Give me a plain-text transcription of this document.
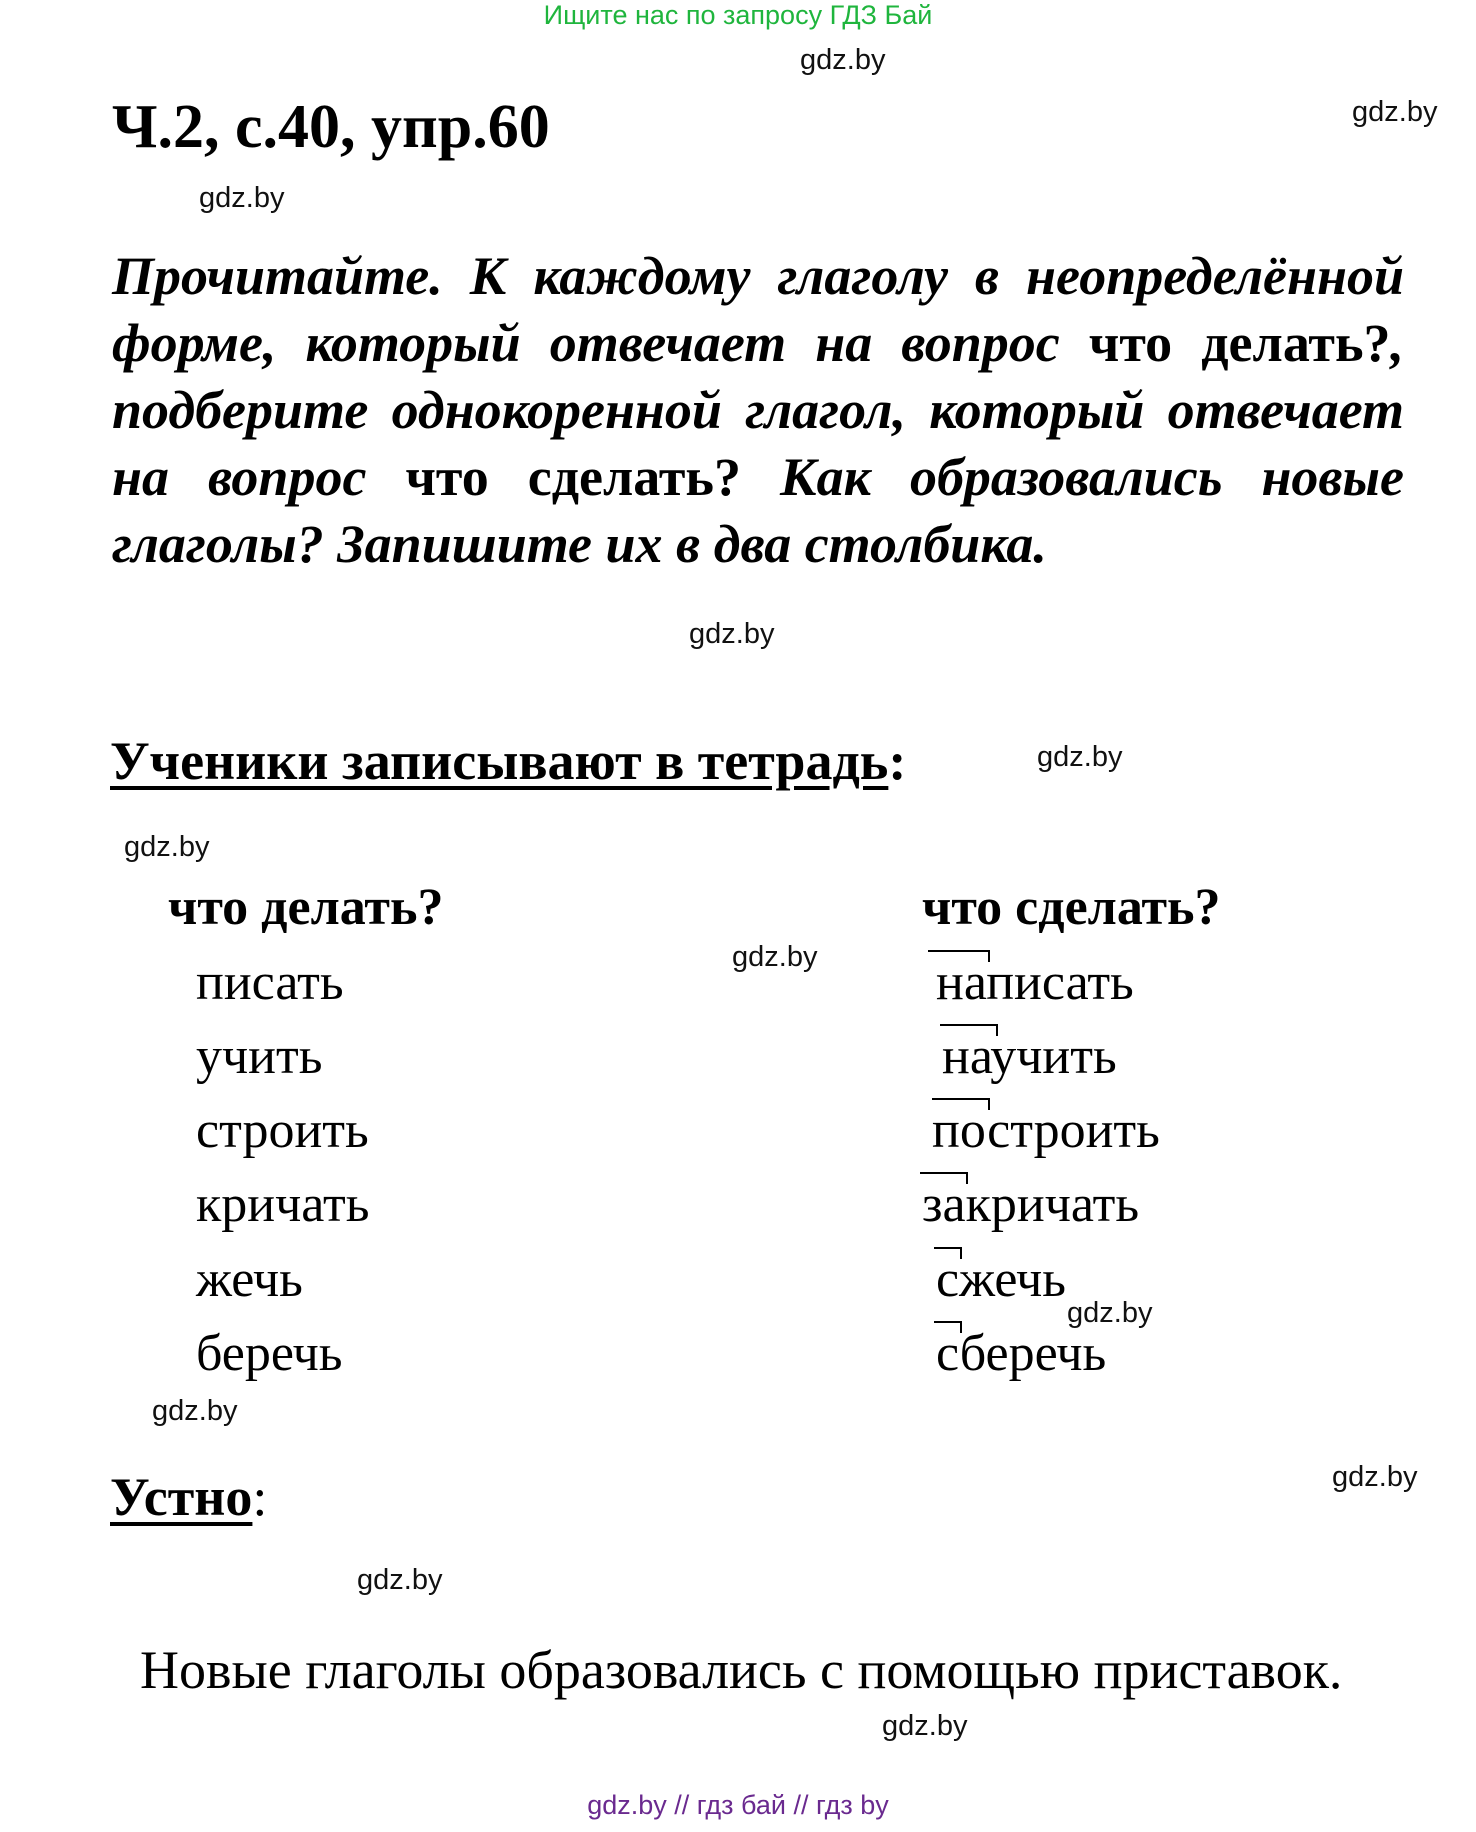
Ищите нас по запросу ГДЗ Бай
gdz.by
gdz.by
gdz.by
gdz.by
gdz.by
gdz.by
gdz.by
gdz.by
gdz.by
gdz.by
gdz.by
gdz.by
Ч.2, с.40, упр.60
Прочитайте. К каждому глаголу в неопределённой форме, который отвечает на вопрос что делать?, подберите однокоренной глагол, который отвечает на вопрос что сделать? Как образовались новые глаголы? Запишите их в два столбика.
Ученики записывают в тетрадь:
что делать?	что сделать?
писать
учить
строить
кричать
жечь
беречь
написать
научить
построить
закричать
сжечь
сберечь
Устно:
Новые глаголы образовались с помощью приставок.
gdz.by // гдз бай // гдз by
